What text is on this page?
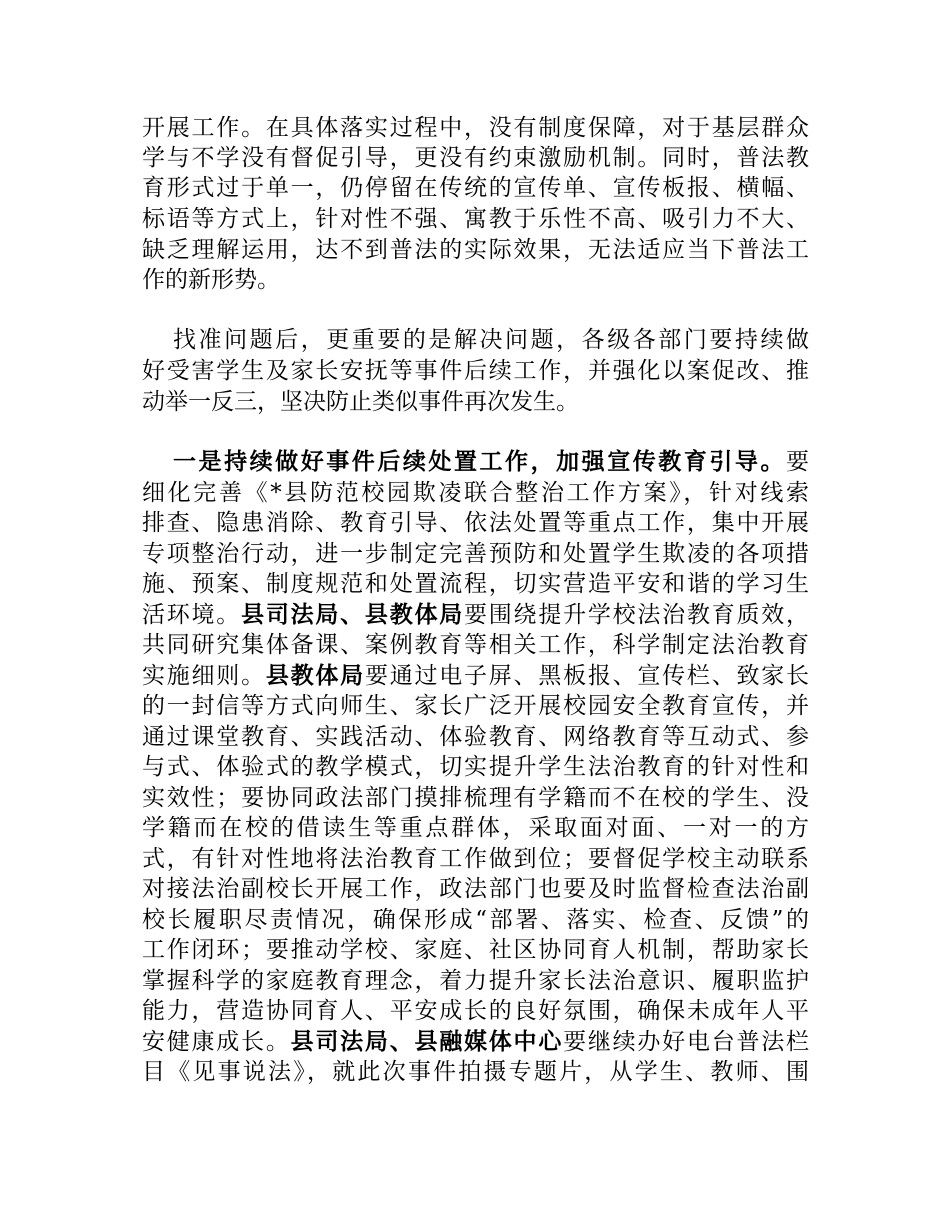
开展工作。在具体落实过程中，没有制度保障，对于基层群众
学与不学没有督促引导，更没有约束激励机制。同时，普法教
育形式过于单一，仍停留在传统的宣传单、宣传板报、横幅、
标语等方式上，针对性不强、寓教于乐性不高、吸引力不大、
缺乏理解运用，达不到普法的实际效果，无法适应当下普法工
作的新形势。
找准问题后，更重要的是解决问题，各级各部门要持续做
好受害学生及家长安抚等事件后续工作，并强化以案促改、推
动举一反三，坚决防止类似事件再次发生。
一是持续做好事件后续处置工作，加强宣传教育引导。要
细化完善《*县防范校园欺凌联合整治工作方案》，针对线索
排查、隐患消除、教育引导、依法处置等重点工作，集中开展
专项整治行动，进一步制定完善预防和处置学生欺凌的各项措
施、预案、制度规范和处置流程，切实营造平安和谐的学习生
活环境。县司法局、县教体局要围绕提升学校法治教育质效，
共同研究集体备课、案例教育等相关工作，科学制定法治教育
实施细则。县教体局要通过电子屏、黑板报、宣传栏、致家长
的一封信等方式向师生、家长广泛开展校园安全教育宣传，并
通过课堂教育、实践活动、体验教育、网络教育等互动式、参
与式、体验式的教学模式，切实提升学生法治教育的针对性和
实效性；要协同政法部门摸排梳理有学籍而不在校的学生、没
学籍而在校的借读生等重点群体，采取面对面、一对一的方
式，有针对性地将法治教育工作做到位；要督促学校主动联系
对接法治副校长开展工作，政法部门也要及时监督检查法治副
校长履职尽责情况，确保形成“部署、落实、检查、反馈”的
工作闭环；要推动学校、家庭、社区协同育人机制，帮助家长
掌握科学的家庭教育理念，着力提升家长法治意识、履职监护
能力，营造协同育人、平安成长的良好氛围，确保未成年人平
安健康成长。县司法局、县融媒体中心要继续办好电台普法栏
目《见事说法》，就此次事件拍摄专题片，从学生、教师、围
